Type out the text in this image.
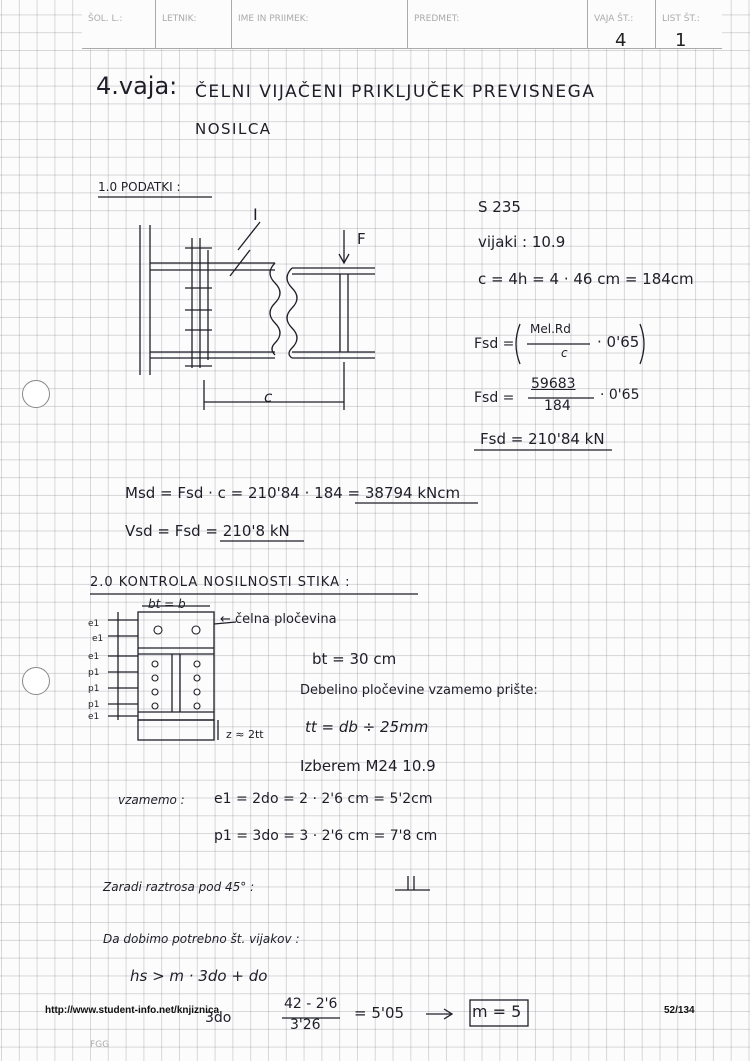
ŠOL. L.:	LETNIK:	IME IN PRIIMEK:	PREDMET:	VAJA ŠT.:	LIST ŠT.:
4	1
4.vaja: ČELNI VIJAČENI PRIKLJUČEK PREVISNEGA
NOSILCA
1.0 PODATKI :
I
F
c
S 235
vijaki : 10.9
c = 4h = 4 · 46 cm = 184cm
Fsd =
Mel.Rd
c
· 0'65
Fsd =
59683
184
· 0'65
Fsd = 210'84 kN
Msd = Fsd · c = 210'84 · 184 = 38794 kNcm
Vsd = Fsd = 210'8 kN
2.0 KONTROLA NOSILNOSTI STIKA :
bt = b
← čelna pločevina
bt = 30 cm
Debelino pločevine vzamemo prište:
tt = db ÷ 25mm
z ≈ 2tt
Izberem M24 10.9
vzamemo : e1 = 2do = 2 · 2'6 cm = 5'2cm
p1 = 3do = 3 · 2'6 cm = 7'8 cm
Zaradi raztrosa pod 45° :
Da dobimo potrebno št. vijakov :
hs > m · 3do + do
3do
42 - 2'6
3'26
= 5'05	m = 5
e1
e1
e1
p1
p1
p1
e1
http://www.student-info.net/knjiznica	52/134
FGG
